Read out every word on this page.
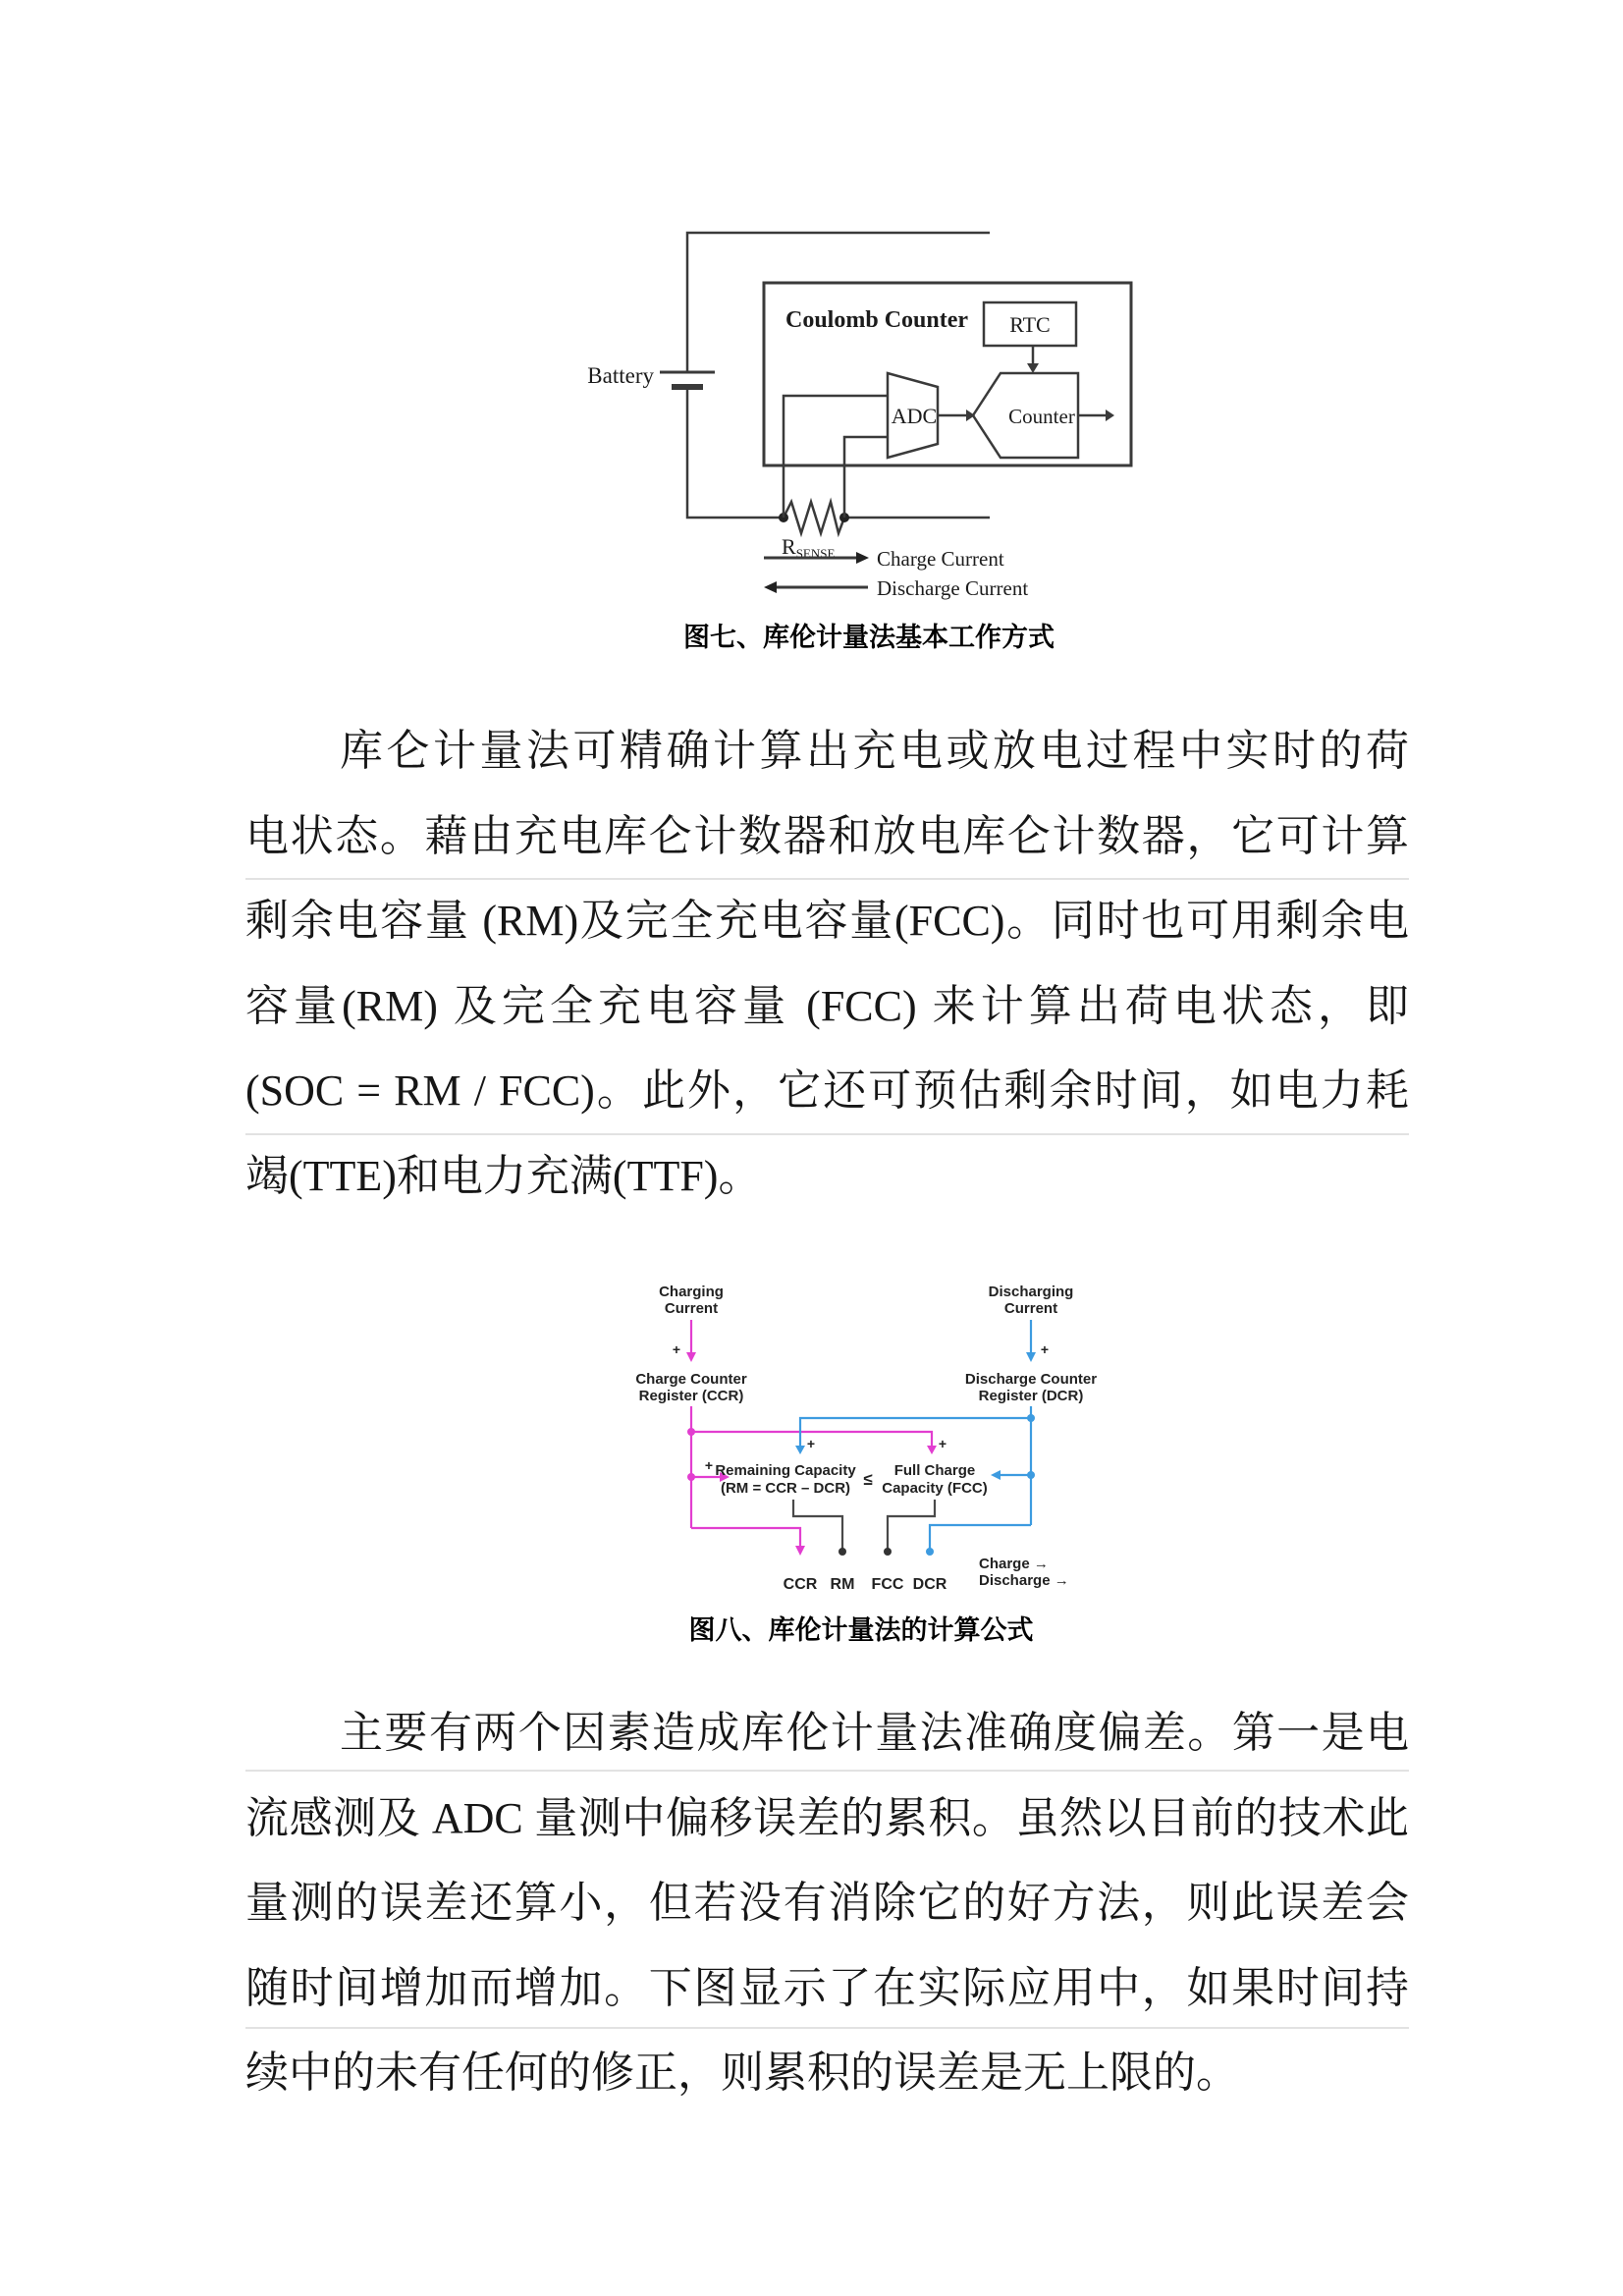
Battery
RSENSE
Coulomb Counter RTC
ADC	Counter
Charge Current
Discharge Current
图七、库伦计量法基本工作方式
库仑计量法可精确计算出充电或放电过程中实时的荷
电状态。藉由充电库仑计数器和放电库仑计数器，它可计算
剩余电容量 (RM)及完全充电容量(FCC)。同时也可用剩余电
容量(RM) 及完全充电容量 (FCC) 来计算出荷电状态，即
(SOC = RM / FCC)。此外，它还可预估剩余时间，如电力耗
竭(TTE)和电力充满(TTF)。
Charging
Current
Discharging
Current
+	+
Charge Counter
Register (CCR)
Discharge Counter
Register (DCR)
+
+
+
Remaining Capacity
(RM = CCR – DCR) ≤ Full Charge
Capacity (FCC)
CCR RM FCC DCR
Charge →
Discharge →
图八、库伦计量法的计算公式
主要有两个因素造成库伦计量法准确度偏差。第一是电
流感测及 ADC 量测中偏移误差的累积。虽然以目前的技术此
量测的误差还算小，但若没有消除它的好方法，则此误差会
随时间增加而增加。下图显示了在实际应用中，如果时间持
续中的未有任何的修正，则累积的误差是无上限的。
